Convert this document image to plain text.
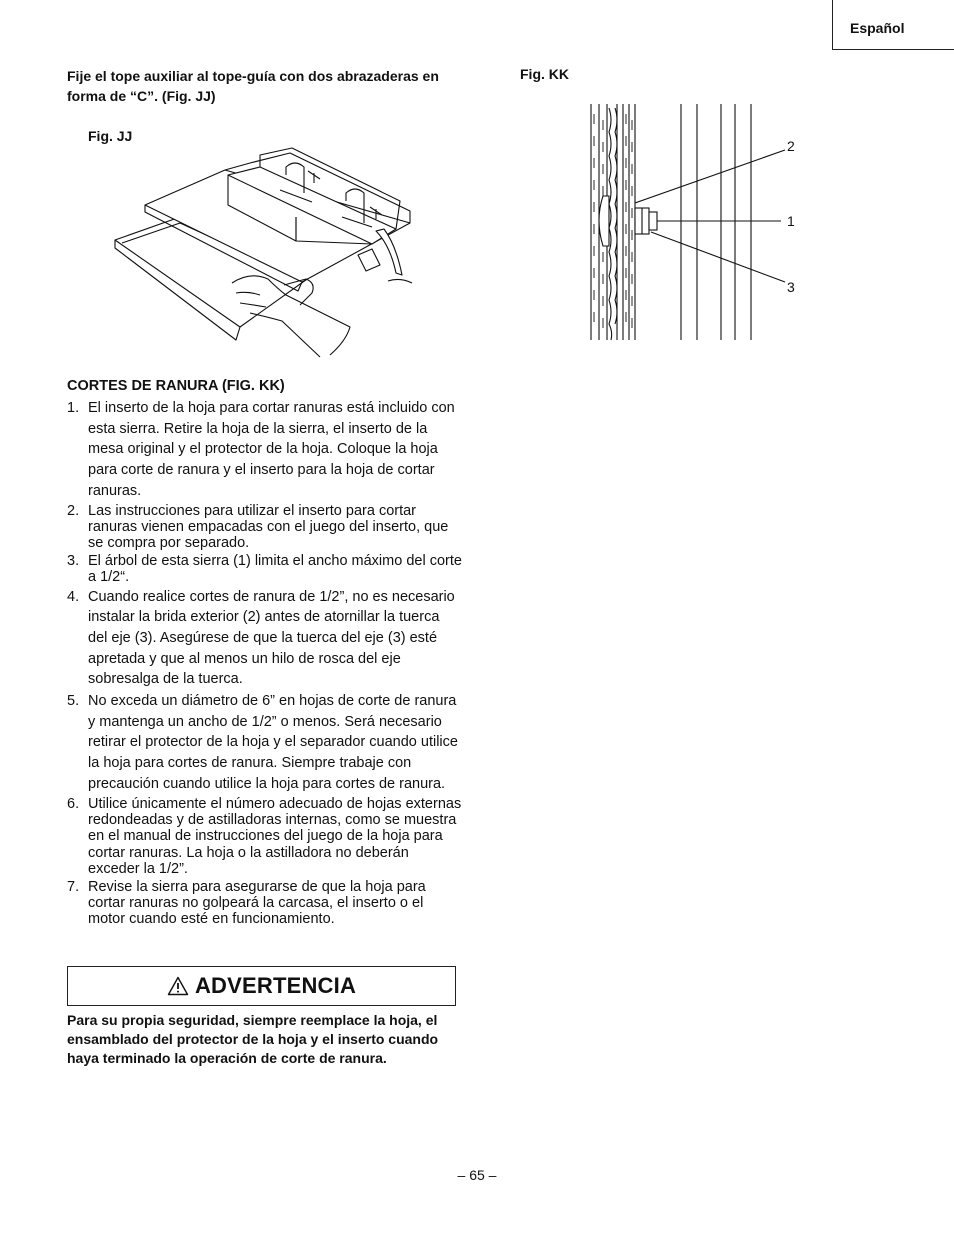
Español
Fije el tope auxiliar al tope-guía con dos abrazaderas en forma de “C”. (Fig. JJ)
Fig. JJ
Fig. KK
2
1
3
CORTES DE RANURA (FIG. KK)
1. El inserto de la hoja para cortar ranuras está incluido con esta sierra. Retire la hoja de la sierra, el inserto de la mesa original y el protector de la hoja. Coloque la hoja para corte de ranura y el inserto para la hoja de cortar ranuras.
2. Las instrucciones para utilizar el inserto para cortar ranuras vienen empacadas con el juego del inserto, que se compra por separado.
3. El árbol de esta sierra (1) limita el ancho máximo del corte a 1/2“.
4. Cuando realice cortes de ranura de 1/2”, no es necesario instalar la brida exterior (2) antes de atornillar la tuerca del eje (3). Asegúrese de que la tuerca del eje (3) esté apretada y que al menos un hilo de rosca del eje sobresalga de la tuerca.
5. No exceda un diámetro de 6” en hojas de corte de ranura y mantenga un ancho de 1/2” o menos. Será necesario retirar el protector de la hoja y el separador cuando utilice la hoja para cortes de ranura. Siempre trabaje con precaución cuando utilice la hoja para cortes de ranura.
6. Utilice únicamente el número adecuado de hojas externas redondeadas y de astilladoras internas, como se muestra en el manual de instrucciones del juego de la hoja para cortar ranuras. La hoja o la astilladora no deberán exceder la 1/2”.
7. Revise la sierra para asegurarse de que la hoja para cortar ranuras no golpeará la carcasa, el inserto o el motor cuando esté en funcionamiento.
ADVERTENCIA
Para su propia seguridad, siempre reemplace la hoja, el ensamblado del protector de la hoja y el inserto cuando haya terminado la operación de corte de ranura.
– 65 –
